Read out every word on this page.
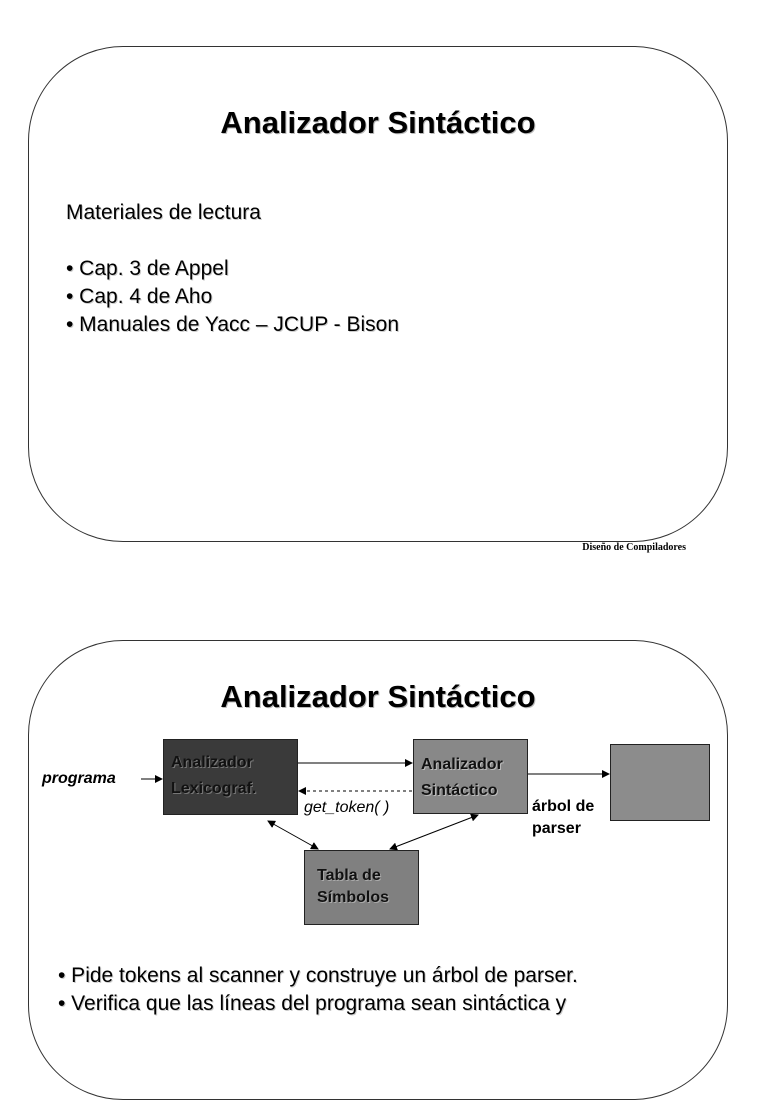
Analizador Sintáctico
Materiales de lectura
• Cap. 3 de Appel
• Cap. 4 de Aho
• Manuales de Yacc – JCUP - Bison
Diseño de Compiladores
Analizador Sintáctico
programa
Analizador
Lexicograf.
get_token( )
Analizador
Sintáctico
árbol de
parser
Tabla de
Símbolos
• Pide tokens al scanner y construye un árbol de parser.
• Verifica que las líneas del programa sean sintáctica y
